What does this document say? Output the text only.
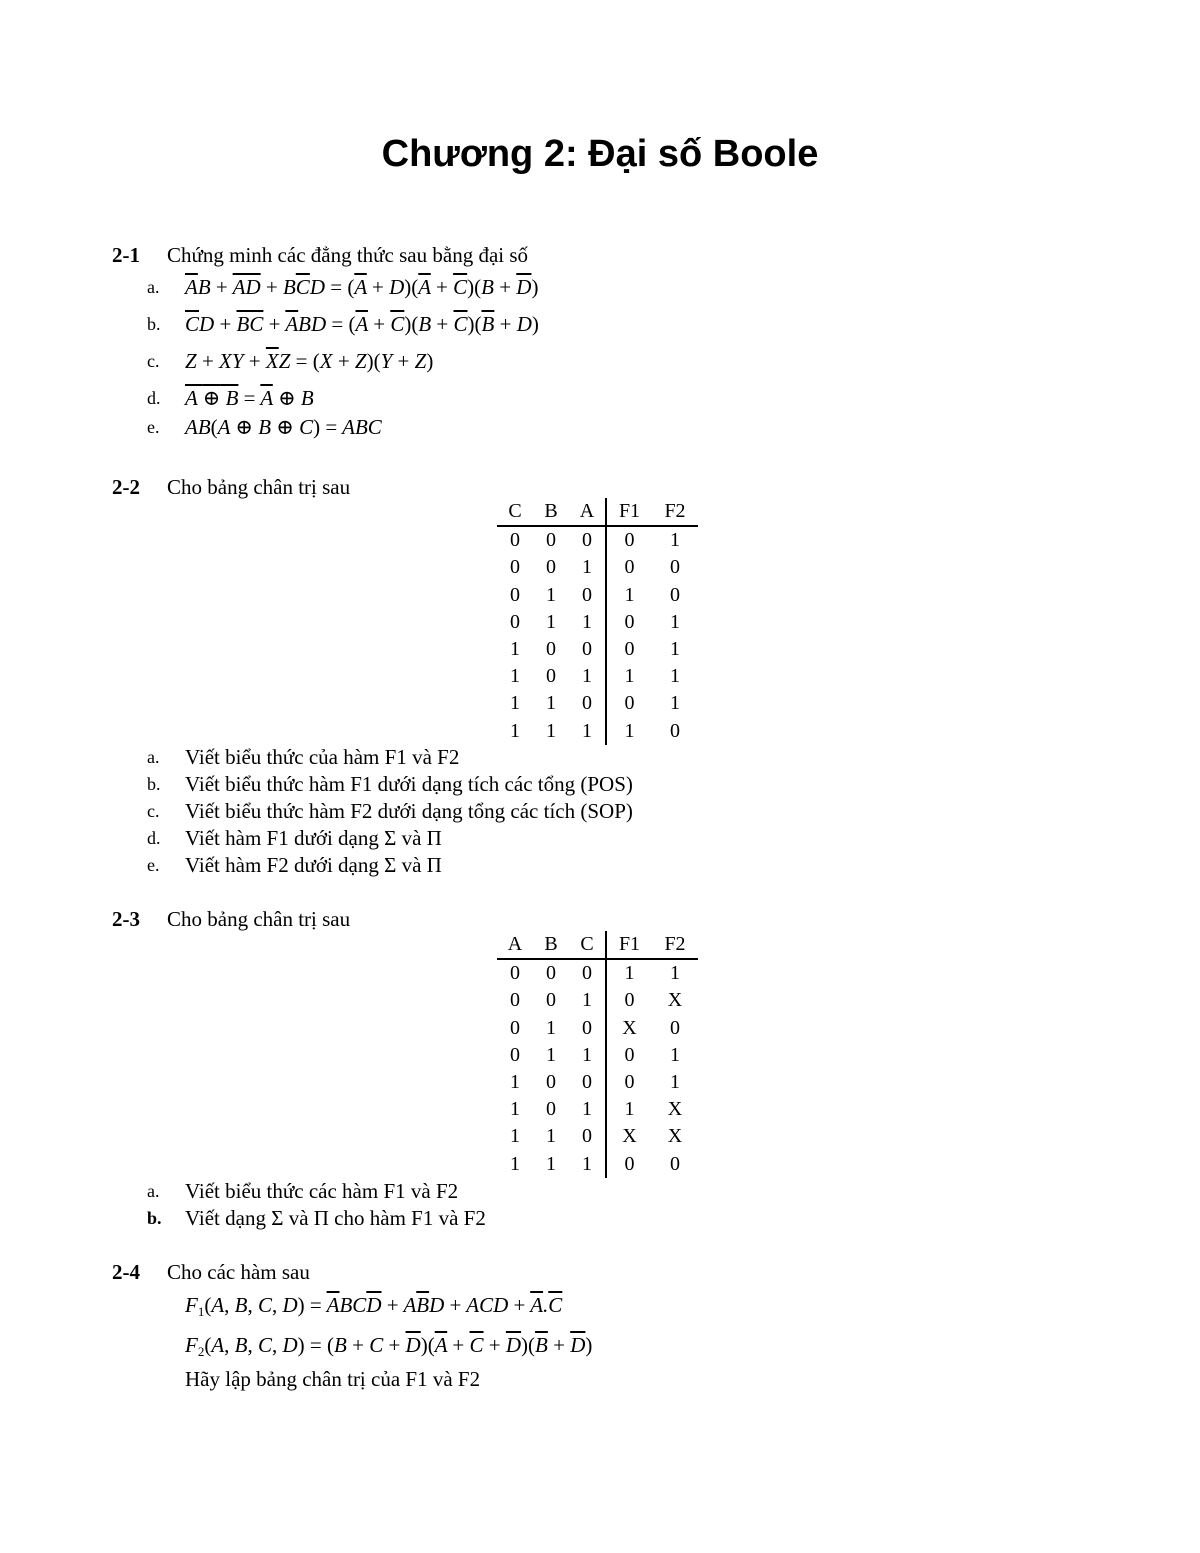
Chương 2: Đại số Boole
2-1 Chứng minh các đẳng thức sau bằng đại số
a. $\overline{A}B + \overline{AD} + B\overline{C}D = (\overline{A} + D)(\overline{A} + \overline{C})(B + \overline{D})$
b. $\overline{C}D + \overline{BC} + \overline{A}BD = (\overline{A} + \overline{C})(B + \overline{C})(\overline{B} + D)$
c. Z + XY + $\overline{X}Z = (X + Z)(Y + Z)$
d. A ⊕ $B = \overline{A}$ ⊕ B
e. AB(A ⊕ B ⊕ C) = ABC
2-2 Cho bảng chân trị sau
C	B	A	F1	F2
0	0	0	0	1
0	0	1	0	0
0	1	0	1	0
0	1	1	0	1
1	0	0	0	1
1	0	1	1	1
1	1	0	0	1
1	1	1	1	0
a. Viết biểu thức của hàm F1 và F2
b. Viết biểu thức hàm F1 dưới dạng tích các tổng (POS)
c. Viết biểu thức hàm F2 dưới dạng tổng các tích (SOP)
d. Viết hàm F1 dưới dạng Σ và Π
e. Viết hàm F2 dưới dạng Σ và Π
2-3 Cho bảng chân trị sau
A	B	C	F1	F2
0	0	0	1	1
0	0	1	0	X
0	1	0	X	0
0	1	1	0	1
1	0	0	0	1
1	0	1	1	X
1	1	0	X	X
1	1	1	0	0
a. Viết biểu thức các hàm F1 và F2
b. Viết dạng Σ và Π cho hàm F1 và F2
2-4 Cho các hàm sau
$F_1(A$, B, C, $D) = \overline{A}BC\overline{D} + A\overline{B}D$ + ACD + $\overline{A}.\overline{C}$
$F_2(A$, B, C, $D) = (B + C + \overline{D})(\overline{A} + \overline{C} + \overline{D})(\overline{B} + \overline{D})$
Hãy lập bảng chân trị của F1 và F2
